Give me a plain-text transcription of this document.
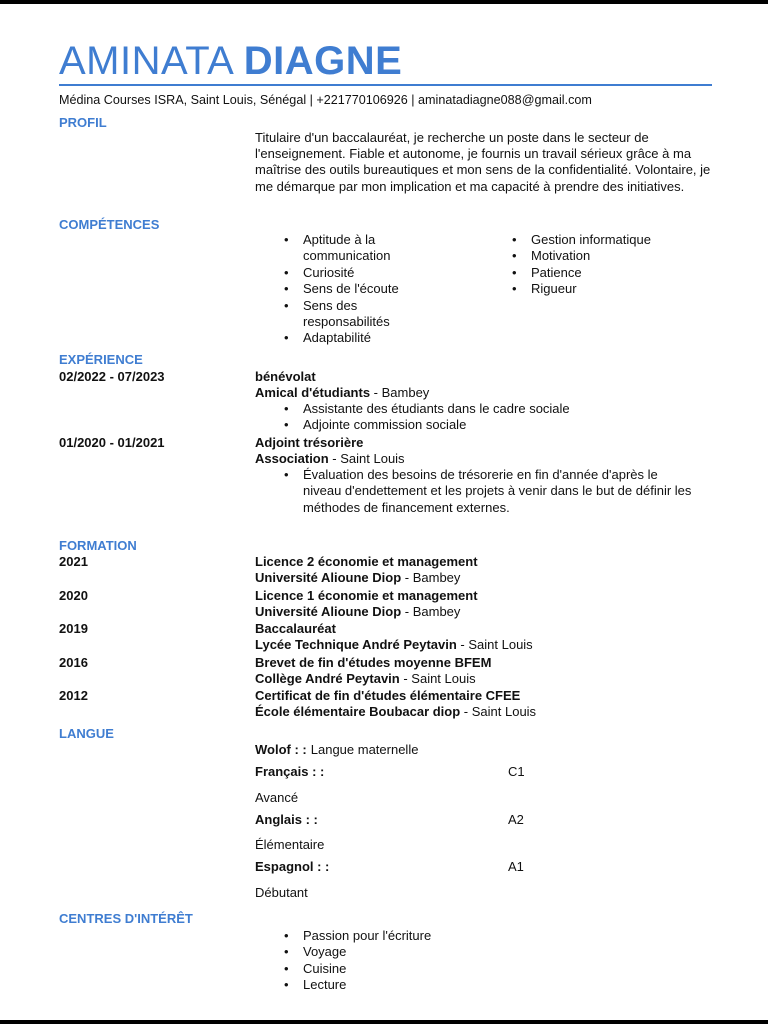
AMINATA DIAGNE
Médina Courses ISRA, Saint Louis, Sénégal | +221770106926 | aminatadiagne088@gmail.com
PROFIL

Titulaire d'un baccalauréat, je recherche un poste dans le secteur de l'enseignement. Fiable et autonome, je fournis un travail sérieux grâce à ma maîtrise des outils bureautiques et mon sens de la confidentialité. Volontaire, je me démarque par mon implication et ma capacité à prendre des initiatives.

COMPÉTENCES
• Aptitude à la communication
• Curiosité
• Sens de l'écoute
• Sens des responsabilités
• Adaptabilité
• Gestion informatique
• Motivation
• Patience
• Rigueur
EXPÉRIENCE
02/2022 - 07/2023	bénévolat
Amical d'étudiants - Bambey
• Assistante des étudiants dans le cadre sociale
• Adjointe commission sociale
01/2020 - 01/2021	Adjoint trésorière
Association - Saint Louis
• Évaluation des besoins de trésorerie en fin d'année d'après le niveau d'endettement et les projets à venir dans le but de définir les méthodes de financement externes.
FORMATION
2021	Licence 2 économie et management
Université Alioune Diop - Bambey
2020	Licence 1 économie et management
Université Alioune Diop - Bambey
2019	Baccalauréat
Lycée Technique André Peytavin - Saint Louis
2016	Brevet de fin d'études moyenne BFEM
Collège André Peytavin - Saint Louis
2012	Certificat de fin d'études élémentaire CFEE
École élémentaire Boubacar diop - Saint Louis
LANGUE
Wolof : : Langue maternelle
Français : :	C1
Avancé
Anglais : :	A2
Élémentaire
Espagnol : :	A1
Débutant
CENTRES D'INTÉRÊT
• Passion pour l'écriture
• Voyage
• Cuisine
• Lecture
